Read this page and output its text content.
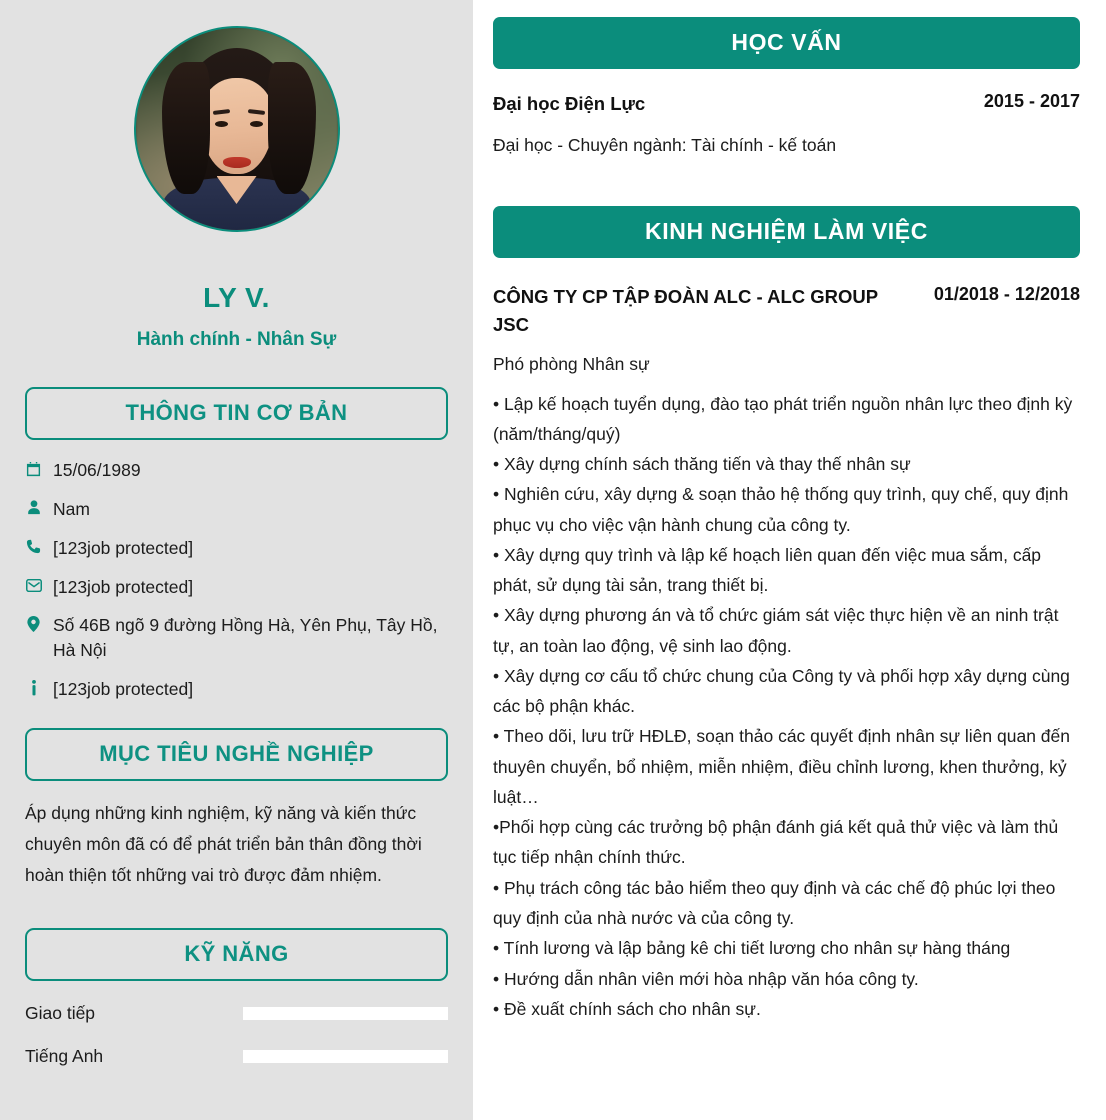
LY V.
Hành chính - Nhân Sự
THÔNG TIN CƠ BẢN
15/06/1989
Nam
[123job protected]
[123job protected]
Số 46B ngõ 9 đường Hồng Hà, Yên Phụ, Tây Hồ, Hà Nội
[123job protected]
MỤC TIÊU NGHỀ NGHIỆP

Áp dụng những kinh nghiệm, kỹ năng và kiến thức chuyên môn đã có để phát triển bản thân đồng thời hoàn thiện tốt những vai trò được đảm nhiệm.

KỸ NĂNG
Giao tiếp
Tiếng Anh
HỌC VẤN
Đại học Điện Lực	2015 - 2017
Đại học - Chuyên ngành: Tài chính - kế toán
KINH NGHIỆM LÀM VIỆC
CÔNG TY CP TẬP ĐOÀN ALC - ALC GROUP JSC
01/2018 - 12/2018
Phó phòng Nhân sự

• Lập kế hoạch tuyển dụng, đào tạo phát triển nguồn nhân lực theo định kỳ (năm/tháng/quý)

• Xây dựng chính sách thăng tiến và thay thế nhân sự

• Nghiên cứu, xây dựng & soạn thảo hệ thống quy trình, quy chế, quy định phục vụ cho việc vận hành chung của công ty.

• Xây dựng quy trình và lập kế hoạch liên quan đến việc mua sắm, cấp phát, sử dụng tài sản, trang thiết bị.

• Xây dựng phương án và tổ chức giám sát việc thực hiện về an ninh trật tự, an toàn lao động, vệ sinh lao động.

• Xây dựng cơ cấu tổ chức chung của Công ty và phối hợp xây dựng cùng các bộ phận khác.

• Theo dõi, lưu trữ HĐLĐ, soạn thảo các quyết định nhân sự liên quan đến thuyên chuyển, bổ nhiệm, miễn nhiệm, điều chỉnh lương, khen thưởng, kỷ luật…

•Phối hợp cùng các trưởng bộ phận đánh giá kết quả thử việc và làm thủ tục tiếp nhận chính thức.

• Phụ trách công tác bảo hiểm theo quy định và các chế độ phúc lợi theo quy định của nhà nước và của công ty.

• Tính lương và lập bảng kê chi tiết lương cho nhân sự hàng tháng

• Hướng dẫn nhân viên mới hòa nhập văn hóa công ty.

• Đề xuất chính sách cho nhân sự.
